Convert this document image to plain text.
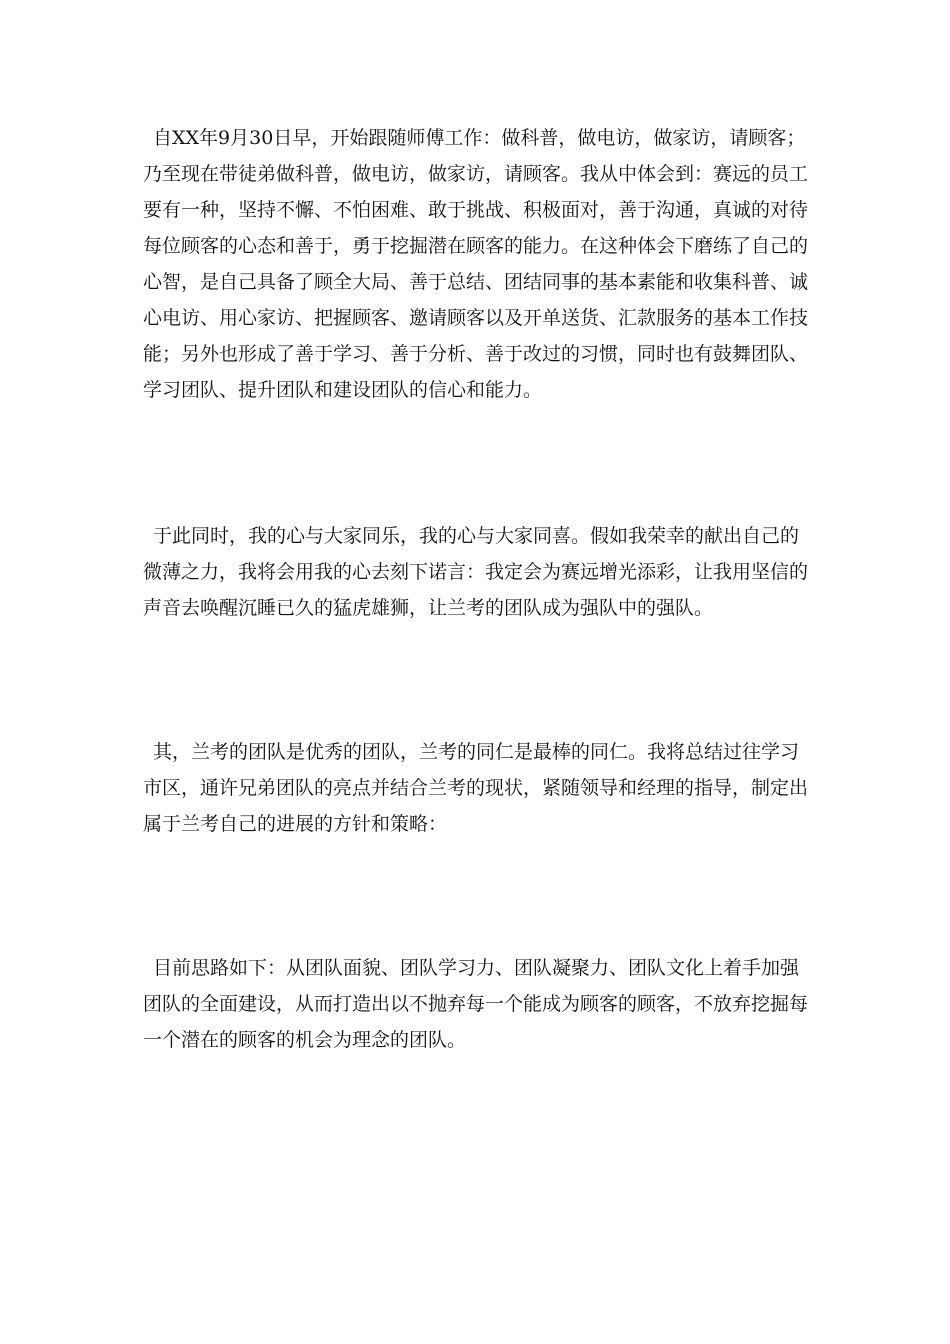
自XX年9月30日早，开始跟随师傅工作：做科普，做电访，做家访，请顾客；乃至现在带徒弟做科普，做电访，做家访，请顾客。我从中体会到：赛远的员工要有一种，坚持不懈、不怕困难、敢于挑战、积极面对，善于沟通，真诚的对待每位顾客的心态和善于，勇于挖掘潜在顾客的能力。在这种体会下磨练了自己的心智，是自己具备了顾全大局、善于总结、团结同事的基本素能和收集科普、诚心电访、用心家访、把握顾客、邀请顾客以及开单送货、汇款服务的基本工作技能；另外也形成了善于学习、善于分析、善于改过的习惯，同时也有鼓舞团队、学习团队、提升团队和建设团队的信心和能力。

于此同时，我的心与大家同乐，我的心与大家同喜。假如我荣幸的献出自己的微薄之力，我将会用我的心去刻下诺言：我定会为赛远增光添彩，让我用坚信的声音去唤醒沉睡已久的猛虎雄狮，让兰考的团队成为强队中的强队。

其，兰考的团队是优秀的团队，兰考的同仁是最棒的同仁。我将总结过往学习市区，通许兄弟团队的亮点并结合兰考的现状，紧随领导和经理的指导，制定出属于兰考自己的进展的方针和策略：

目前思路如下：从团队面貌、团队学习力、团队凝聚力、团队文化上着手加强团队的全面建设，从而打造出以不抛弃每一个能成为顾客的顾客，不放弃挖掘每一个潜在的顾客的机会为理念的团队。
